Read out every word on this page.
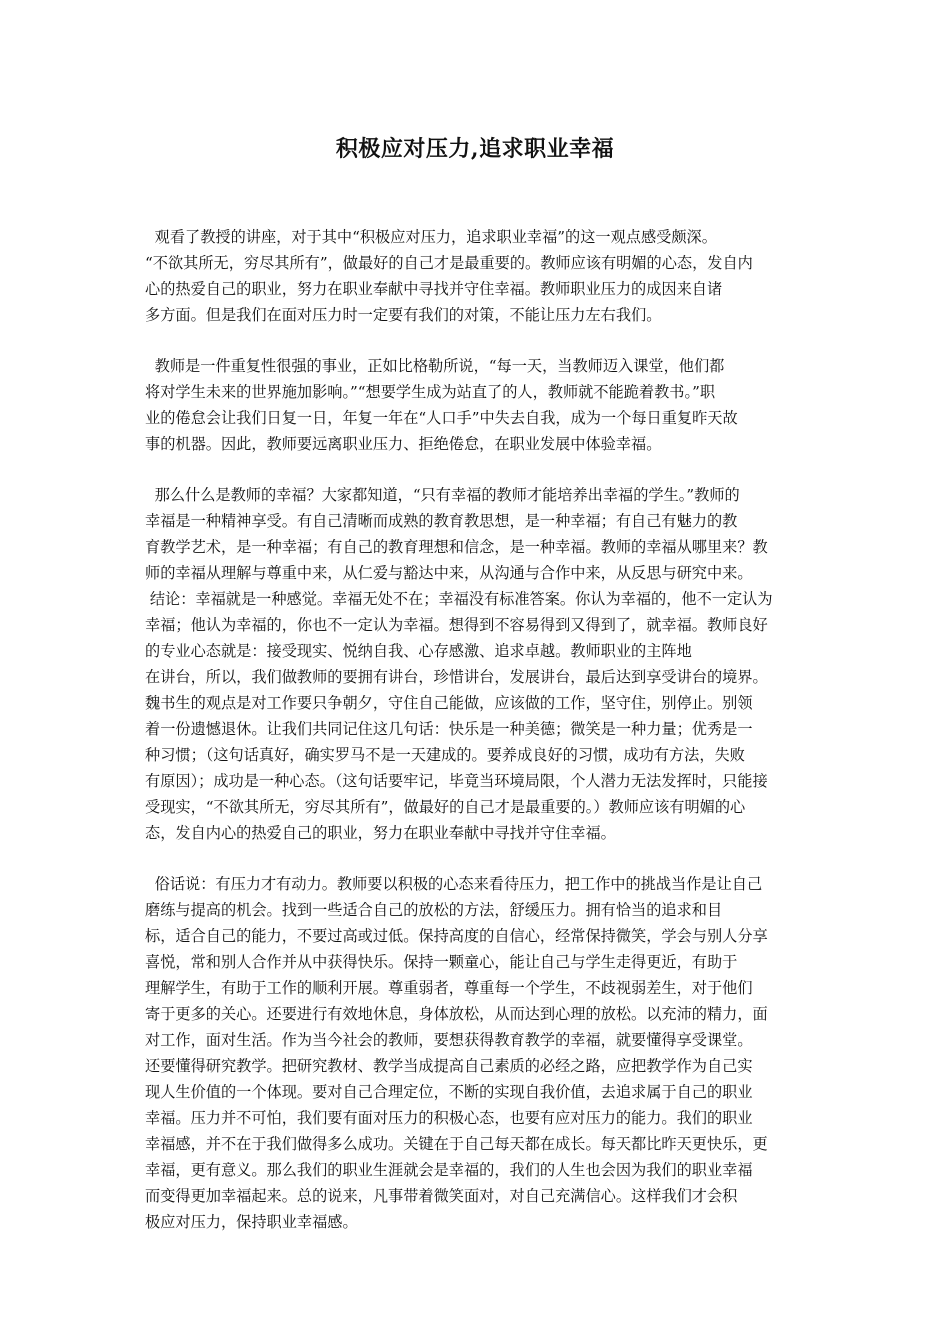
积极应对压力,追求职业幸福
观看了教授的讲座，对于其中“积极应对压力，追求职业幸福”的这一观点感受颇深。
“不欲其所无，穷尽其所有”，做最好的自己才是最重要的。教师应该有明媚的心态，发自内
心的热爱自己的职业，努力在职业奉献中寻找并守住幸福。教师职业压力的成因来自诸
多方面。但是我们在面对压力时一定要有我们的对策，不能让压力左右我们。
教师是一件重复性很强的事业，正如比格勒所说，“每一天，当教师迈入课堂，他们都
将对学生未来的世界施加影响。”“想要学生成为站直了的人，教师就不能跪着教书。”职
业的倦怠会让我们日复一日，年复一年在“人口手”中失去自我，成为一个每日重复昨天故
事的机器。因此，教师要远离职业压力、拒绝倦怠，在职业发展中体验幸福。
那么什么是教师的幸福？大家都知道，“只有幸福的教师才能培养出幸福的学生。”教师的
幸福是一种精神享受。有自己清晰而成熟的教育教思想，是一种幸福；有自己有魅力的教
育教学艺术，是一种幸福；有自己的教育理想和信念，是一种幸福。教师的幸福从哪里来？教
师的幸福从理解与尊重中来，从仁爱与豁达中来，从沟通与合作中来，从反思与研究中来。
结论：幸福就是一种感觉。幸福无处不在；幸福没有标准答案。你认为幸福的，他不一定认为
幸福；他认为幸福的，你也不一定认为幸福。想得到不容易得到又得到了，就幸福。教师良好
的专业心态就是：接受现实、悦纳自我、心存感激、追求卓越。教师职业的主阵地
在讲台，所以，我们做教师的要拥有讲台，珍惜讲台，发展讲台，最后达到享受讲台的境界。
魏书生的观点是对工作要只争朝夕，守住自己能做，应该做的工作，坚守住，别停止。别领
着一份遗憾退休。让我们共同记住这几句话：快乐是一种美德；微笑是一种力量；优秀是一
种习惯；（这句话真好，确实罗马不是一天建成的。要养成良好的习惯，成功有方法，失败
有原因）；成功是一种心态。（这句话要牢记，毕竟当环境局限，个人潜力无法发挥时，只能接
受现实，“不欲其所无，穷尽其所有”，做最好的自己才是最重要的。）教师应该有明媚的心
态，发自内心的热爱自己的职业，努力在职业奉献中寻找并守住幸福。
俗话说：有压力才有动力。教师要以积极的心态来看待压力，把工作中的挑战当作是让自己
磨练与提高的机会。找到一些适合自己的放松的方法，舒缓压力。拥有恰当的追求和目
标，适合自己的能力，不要过高或过低。保持高度的自信心，经常保持微笑，学会与别人分享
喜悦，常和别人合作并从中获得快乐。保持一颗童心，能让自己与学生走得更近，有助于
理解学生，有助于工作的顺利开展。尊重弱者，尊重每一个学生，不歧视弱差生，对于他们
寄于更多的关心。还要进行有效地休息，身体放松，从而达到心理的放松。以充沛的精力，面
对工作，面对生活。作为当今社会的教师，要想获得教育教学的幸福，就要懂得享受课堂。
还要懂得研究教学。把研究教材、教学当成提高自己素质的必经之路，应把教学作为自己实
现人生价值的一个体现。要对自己合理定位，不断的实现自我价值，去追求属于自己的职业
幸福。压力并不可怕，我们要有面对压力的积极心态，也要有应对压力的能力。我们的职业
幸福感，并不在于我们做得多么成功。关键在于自己每天都在成长。每天都比昨天更快乐，更
幸福，更有意义。那么我们的职业生涯就会是幸福的，我们的人生也会因为我们的职业幸福
而变得更加幸福起来。总的说来，凡事带着微笑面对，对自己充满信心。这样我们才会积
极应对压力，保持职业幸福感。
